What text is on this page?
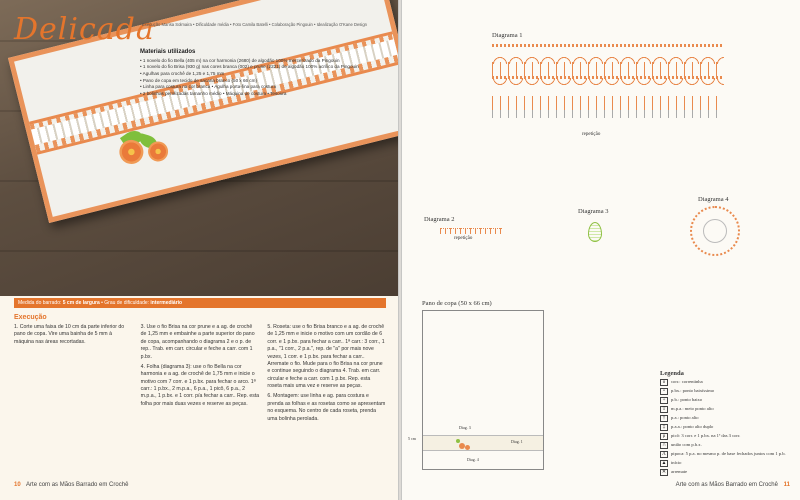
Delicada
Execução Marisa Solmaira • Dificuldade média • Foto Camila Batelli • Colaboração Pingouin • Idealização O'Kane Design
Materiais utilizados
• 1 novelo do fio Bella (405 m) na cor harmonia (2680) de algodão 100% mercerizado da Pingouin
• 1 novelo do fio Brisa (930 g) nas cores branca (002) e prune (2221) de algodão 100% acrílico da Pingouin
• Agulhas para crochê de 1,25 e 1,75 mm
• Pano de copa em tecido de sacaria branco (50 x 66 cm)
• Linha para costura na cor branca • Agulha porta-fina para costura
• 2 bolinhas perolizadas tamanho médio • Máquina de costura • Tesoura
Medida do barrado: 5 cm de largura • Grau de dificuldade: intermediário
Execução

1. Corte uma faixa de 10 cm da parte inferior do pano de copa. Vire uma bainha de 5 mm à máquina nas áreas recortadas.

3. Use o fio Brisa na cor prune e a ag. de crochê de 1,25 mm e embainhe a parte superior do pano de copa, acompanhando o diagrama 2 e o p. de rep.. Trab. em carr. circular e feche a carr. com 1 p.bx.

4. Folha (diagrama 3): use o fio Bella na cor harmonia e a ag. de crochê de 1,75 mm e inicie o motivo com 7 corr. e 1 p.bx. para fechar o arco. 1ª carr.: 1 p.bx., 2 m.p.a., 6 p.a., 1 picô, 6 p.a., 2 m.p.a., 1 p.bx. e 1 corr. p/a fechar a carr.. Rep. esta folha por mais duas vezes e reserve as peças.

5. Roseta: use o fio Brisa branco e a ag. de crochê de 1,25 mm e inicie o motivo com um cordão de 6 corr. e 1 p.bx. para fechar a carr.. 1ª carr.: 3 corr., 1 p.a., "1 corr., 2 p.a.", rep. de "a" por mais nove vezes, 1 corr. e 1 p.bx. para fechar a carr.. Arremate o fio. Mude para o fio Brisa na cor prune e continue seguindo o diagrama 4. Trab. em carr. circular e feche a carr. com 1 p.bx. Rep. esta roseta mais uma vez e reserve as peças.

6. Montagem: use linha e ag. para costura e prenda as folhas e as rosetas como se apresentam no esquema. No centro de cada roseta, prenda uma bolinha perolada.

10 Arte com as Mãos Barrado em Crochê
Diagrama 1
repetição
Diagrama 2
repetição
Diagrama 3
Diagrama 4
Pano de copa (50 x 66 cm)
Diag. 1
Diag. 3
Diag. 4
5 cm
Legenda
o	corr.: correntinha
•	p.bx.: ponto baixíssimo
+	p.b.: ponto baixo
T	m.p.a.: meio ponto alto
†	p.a.: ponto alto
‡	p.a.a.: ponto alto duplo
ρ	picô: 3 corr. e 1 p.bx. na 1ª das 3 corr.
∩	união com p.b.x.
Λ	pipoca: 5 p.a. no mesmo p. de base fechados juntos com 1 p.b.
▲ início
✕	arremate
Arte com as Mãos Barrado em Crochê 11
